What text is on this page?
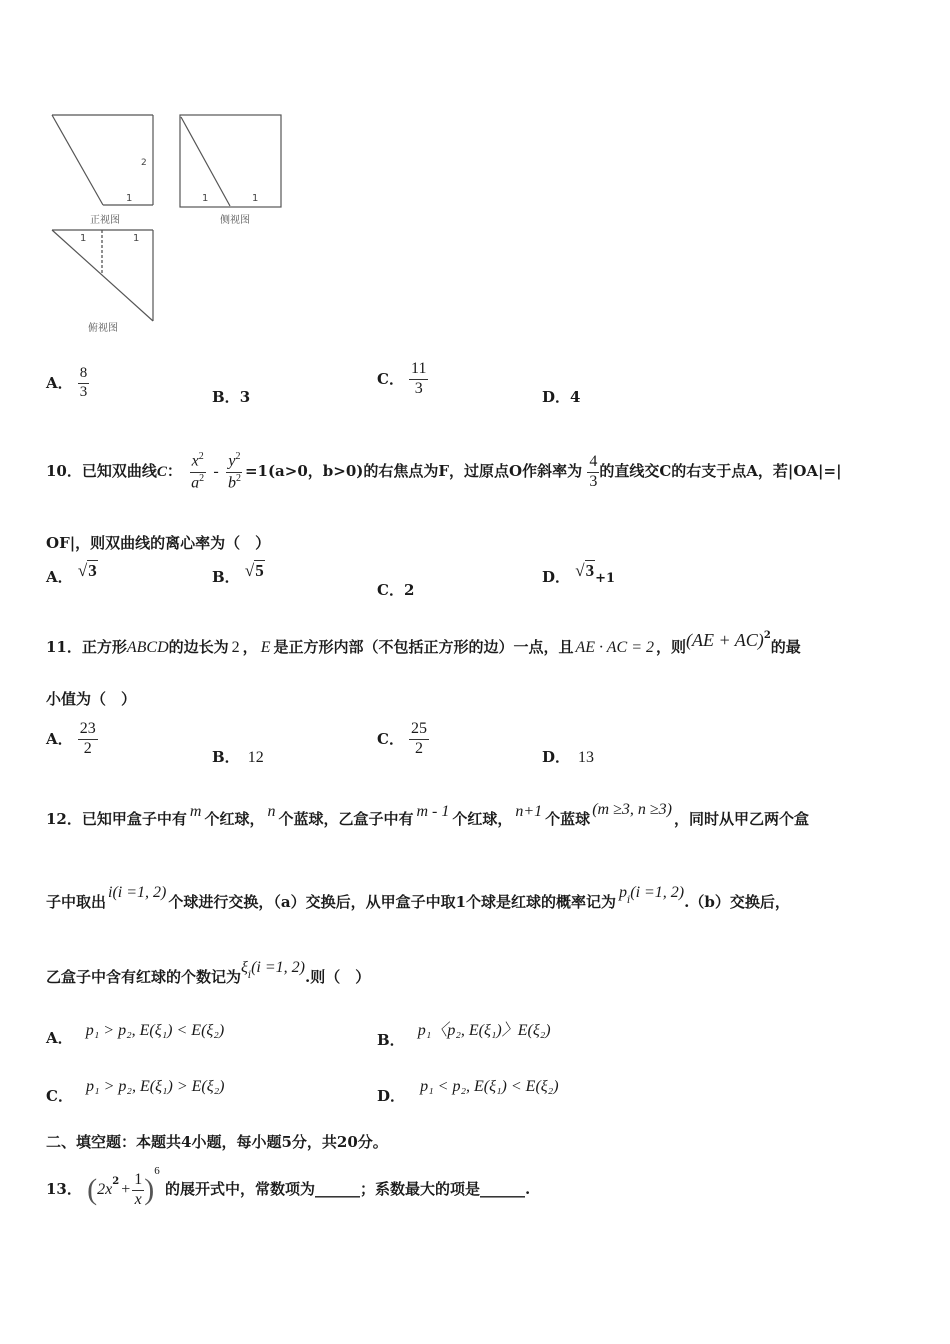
1
2
正视图
1	1
侧视图
1	1
俯视图
A． $\frac{8}{3}$	B．3
C． $\frac{11}{3}$	D．4
10．已知双曲线C： $\frac{x^2}{a^2} - \frac{y^2}{b^2} =1(a>0$，b>0)的右焦点为F，过原点O作斜率为 $\frac{4}{3}$ 的直线交C的右支于点A，若|OA|=|
OF|，则双曲线的离心率为（　）
A． √3	B． √5
C．2
D． √3+1
11．正方形ABCD的边长为 2 ， E 是正方形内部（不包括正方形的边）一点，且 AE · AC = 2 ，则(AE + AC)$^2$的最
小值为（　）
A． $\frac{23}{2}$	B． 12
C． $\frac{25}{2}$	D． 13
12．已知甲盒子中有 m 个红球， n 个蓝球，乙盒子中有 m - 1 个红球， n+1 个蓝球(m ≥3, n ≥3)，同时从甲乙两个盒
子中取出i(i =1, 2)个球进行交换，（a）交换后，从甲盒子中取1个球是红球的概率记为$p_i(i =1$, 2).（b）交换后，
乙盒子中含有红球的个数记为$\xi_i(i =1$, 2).则（　）
A． p₁ > p₂, E(ξ₁) < E(ξ₂)
B． p₁〈p₂, E(ξ₁)〉E(ξ₂)
C． p₁ > p₂, E(ξ₁) > E(ξ₂)
D． p₁ < p₂, E(ξ₁) < E(ξ₂)
二、填空题：本题共4小题，每小题5分，共20分。
13． $(2x^2 + \frac{1}{x} )^6$ 的展开式中，常数项为______；系数最大的项是______.
